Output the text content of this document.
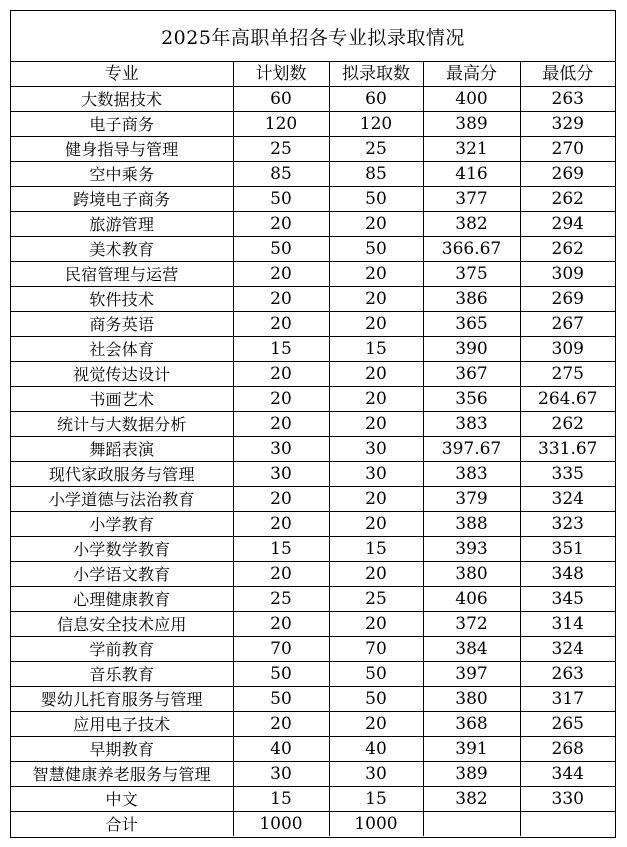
2025年高职单招各专业拟录取情况
专业	计划数	拟录取数	最高分	最低分
大数据技术	60	60	400	263
电子商务	120	120	389	329
健身指导与管理	25	25	321	270
空中乘务	85	85	416	269
跨境电子商务	50	50	377	262
旅游管理	20	20	382	294
美术教育	50	50	366.67	262
民宿管理与运营	20	20	375	309
软件技术	20	20	386	269
商务英语	20	20	365	267
社会体育	15	15	390	309
视觉传达设计	20	20	367	275
书画艺术	20	20	356	264.67
统计与大数据分析	20	20	383	262
舞蹈表演	30	30	397.67	331.67
现代家政服务与管理	30	30	383	335
小学道德与法治教育	20	20	379	324
小学教育	20	20	388	323
小学数学教育	15	15	393	351
小学语文教育	20	20	380	348
心理健康教育	25	25	406	345
信息安全技术应用	20	20	372	314
学前教育	70	70	384	324
音乐教育	50	50	397	263
婴幼儿托育服务与管理	50	50	380	317
应用电子技术	20	20	368	265
早期教育	40	40	391	268
智慧健康养老服务与管理	30	30	389	344
中文	15	15	382	330
合计	1000	1000		
